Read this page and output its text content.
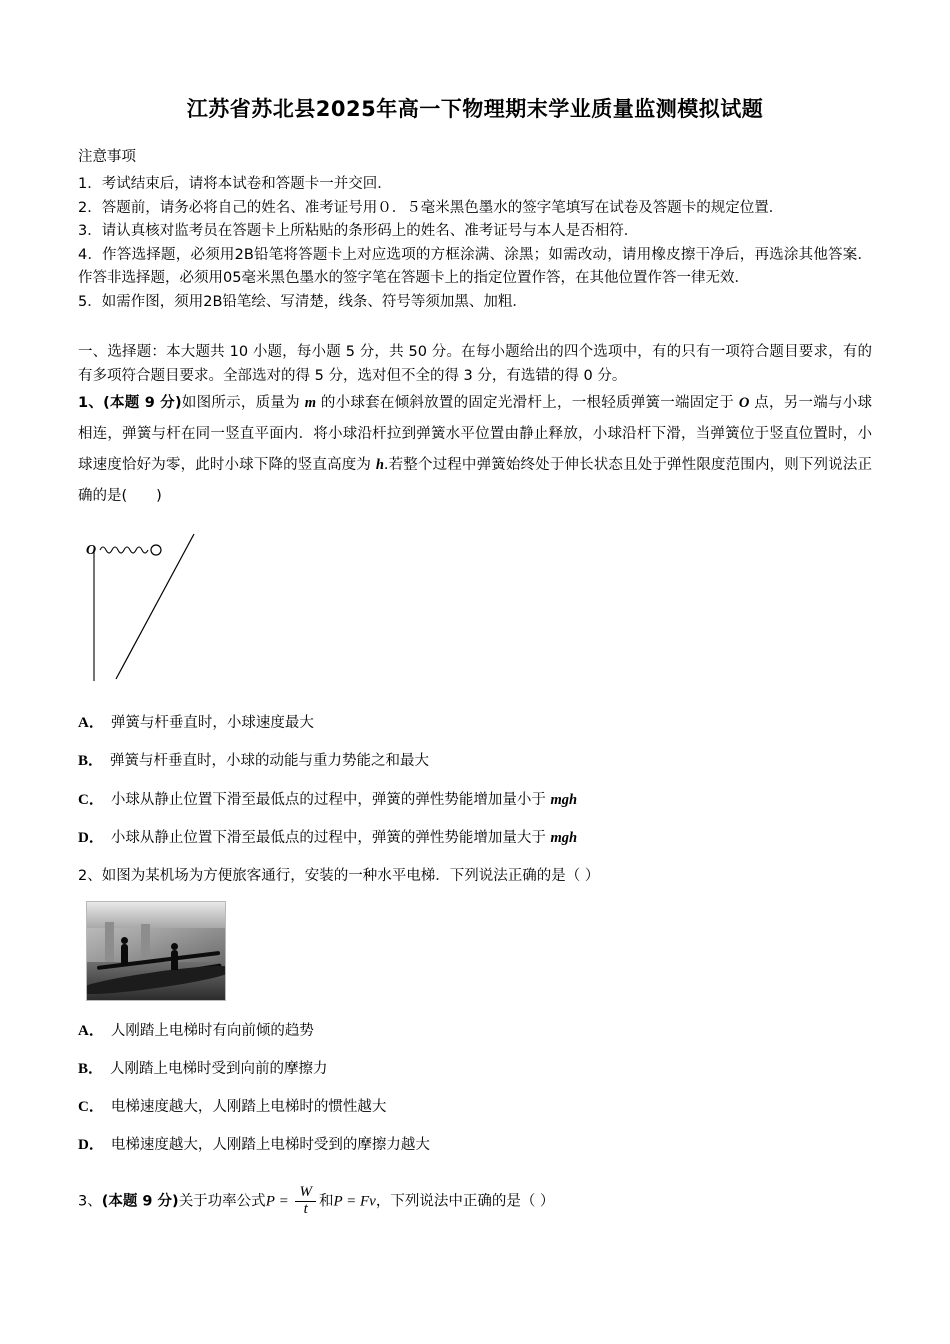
江苏省苏北县2025年高一下物理期末学业质量监测模拟试题
注意事项

1．考试结束后，请将本试卷和答题卡一并交回．

2．答题前，请务必将自己的姓名、准考证号用０．５毫米黑色墨水的签字笔填写在试卷及答题卡的规定位置．

3．请认真核对监考员在答题卡上所粘贴的条形码上的姓名、准考证号与本人是否相符．

4．作答选择题，必须用2B铅笔将答题卡上对应选项的方框涂满、涂黑；如需改动，请用橡皮擦干净后，再选涂其他答案．作答非选择题，必须用05毫米黑色墨水的签字笔在答题卡上的指定位置作答，在其他位置作答一律无效．

5．如需作图，须用2B铅笔绘、写清楚，线条、符号等须加黑、加粗．

一、选择题：本大题共 10 小题，每小题 5 分，共 50 分。在每小题给出的四个选项中，有的只有一项符合题目要求，有的有多项符合题目要求。全部选对的得 5 分，选对但不全的得 3 分，有选错的得 0 分。

1、(本题 9 分)如图所示，质量为 m 的小球套在倾斜放置的固定光滑杆上，一根轻质弹簧一端固定于 O 点，另一端与小球相连，弹簧与杆在同一竖直平面内．将小球沿杆拉到弹簧水平位置由静止释放，小球沿杆下滑，当弹簧位于竖直位置时，小球速度恰好为零，此时小球下降的竖直高度为 h.若整个过程中弹簧始终处于伸长状态且处于弹性限度范围内，则下列说法正确的是(　　)

O

A． 弹簧与杆垂直时，小球速度最大

B． 弹簧与杆垂直时，小球的动能与重力势能之和最大

C． 小球从静止位置下滑至最低点的过程中，弹簧的弹性势能增加量小于 mgh

D． 小球从静止位置下滑至最低点的过程中，弹簧的弹性势能增加量大于 mgh

2、如图为某机场为方便旅客通行，安装的一种水平电梯．下列说法正确的是（ ）

A． 人刚踏上电梯时有向前倾的趋势

B． 人刚踏上电梯时受到向前的摩擦力

C． 电梯速度越大，人刚踏上电梯时的惯性越大

D． 电梯速度越大，人刚踏上电梯时受到的摩擦力越大

3、(本题 9 分)关于功率公式$P = \frac{W}{t}$ 和P = Fv，下列说法中正确的是（ ）
